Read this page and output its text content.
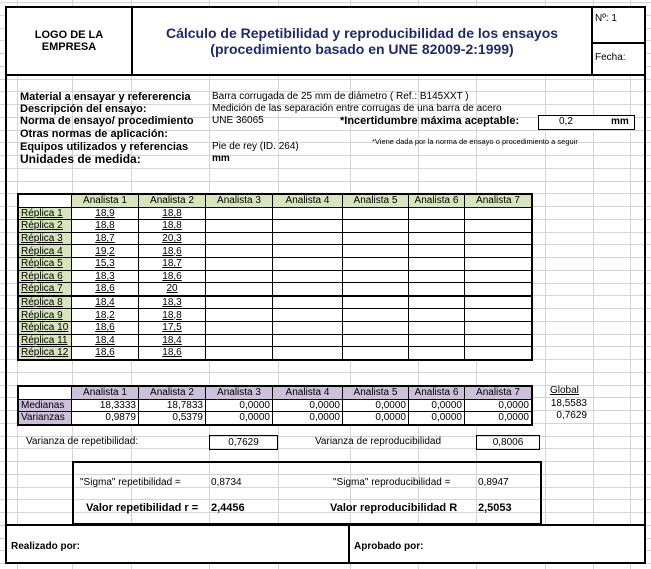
LOGO DE LA EMPRESA
Cálculo de Repetibilidad y reproducibilidad de los ensayos
(procedimiento basado en UNE 82009-2:1999)
Nº: 1
Fecha:
Material a ensayar y refererencia Barra corrugada de 25 mm de diámetro ( Ref.: B145XXT )
Descripción del ensayo:	Medición de las separación entre corrugas de una barra de acero
Norma de ensayo/ procedimiento UNE 36065	*Incertidumbre máxima aceptable:	0,2	mm
Otras normas de aplicación:
*Viene dada por la norma de ensayo o procedimiento a seguir
Equipos utilizados y referencias Pie de rey (ID. 264)
Unidades de medida:	mm
	Analista 1	Analista 2	Analista 3	Analista 4	Analista 5	Analista 6	Analista 7
Réplica 1	18,9	18,8					
Réplica 2	18,8	18,8					
Réplica 3	18,7	20,3					
Réplica 4	19,2	18,6					
Réplica 5	15,3	18,7					
Réplica 6	18,3	18,6					
Réplica 7	18,6	20					
Réplica 8	18,4	18,3					
Réplica 9	18,2	18,8					
Réplica 10	18,6	17,5					
Réplica 11	18,4	18,4					
Réplica 12	18,6	18,6					
	Analista 1	Analista 2	Analista 3	Analista 4	Analista 5	Analista 6	Analista 7
Medianas	18,3333	18,7833	0,0000	0,0000	0,0000	0,0000	0,0000
Varianzas	0,9879	0,5379	0,0000	0,0000	0,0000	0,0000	0,0000
Global
18,5583
0,7629
Varianza de repetibilidad:	0,7629	Varianza de reproducibilidad	0,8006
"Sigma" repetibilidad =	0,8734	"Sigma" reproducibilidad =	0,8947
Valor repetibilidad r = 2,4456	Valor reproducibilidad R 2,5053
Realizado por:	Aprobado por:
